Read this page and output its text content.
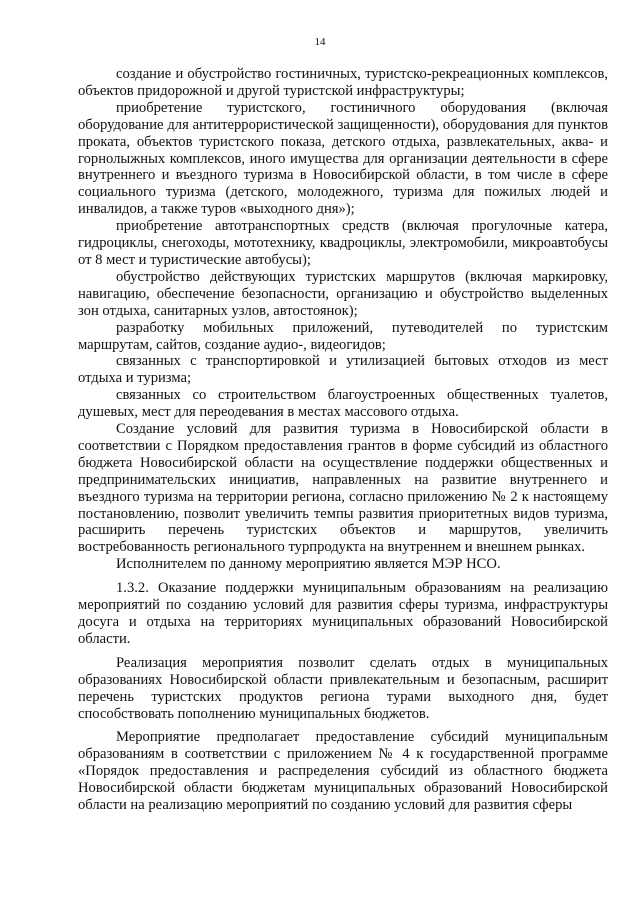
14

создание и обустройство гостиничных, туристско-рекреационных комплексов, объектов придорожной и другой туристской инфраструктуры;

приобретение туристского, гостиничного оборудования (включая оборудование для антитеррористической защищенности), оборудования для пунктов проката, объектов туристского показа, детского отдыха, развлекательных, аква- и горнолыжных комплексов, иного имущества для организации деятельности в сфере внутреннего и въездного туризма в Новосибирской области, в том числе в сфере социального туризма (детского, молодежного, туризма для пожилых людей и инвалидов, а также туров «выходного дня»);

приобретение автотранспортных средств (включая прогулочные катера, гидроциклы, снегоходы, мототехнику, квадроциклы, электромобили, микроавтобусы от 8 мест и туристические автобусы);

обустройство действующих туристских маршрутов (включая маркировку, навигацию, обеспечение безопасности, организацию и обустройство выделенных зон отдыха, санитарных узлов, автостоянок);

разработку мобильных приложений, путеводителей по туристским маршрутам, сайтов, создание аудио-, видеогидов;

связанных с транспортировкой и утилизацией бытовых отходов из мест отдыха и туризма;

связанных со строительством благоустроенных общественных туалетов, душевых, мест для переодевания в местах массового отдыха.

Создание условий для развития туризма в Новосибирской области в соответствии с Порядком предоставления грантов в форме субсидий из областного бюджета Новосибирской области на осуществление поддержки общественных и предпринимательских инициатив, направленных на развитие внутреннего и въездного туризма на территории региона, согласно приложению № 2 к настоящему постановлению, позволит увеличить темпы развития приоритетных видов туризма, расширить перечень туристских объектов и маршрутов, увеличить востребованность регионального турпродукта на внутреннем и внешнем рынках.

Исполнителем по данному мероприятию является МЭР НСО.

1.3.2. Оказание поддержки муниципальным образованиям на реализацию мероприятий по созданию условий для развития сферы туризма, инфраструктуры досуга и отдыха на территориях муниципальных образований Новосибирской области.

Реализация мероприятия позволит сделать отдых в муниципальных образованиях Новосибирской области привлекательным и безопасным, расширит перечень туристских продуктов региона турами выходного дня, будет способствовать пополнению муниципальных бюджетов.

Мероприятие предполагает предоставление субсидий муниципальным образованиям в соответствии с приложением № 4 к государственной программе «Порядок предоставления и распределения субсидий из областного бюджета Новосибирской области бюджетам муниципальных образований Новосибирской области на реализацию мероприятий по созданию условий для развития сферы
